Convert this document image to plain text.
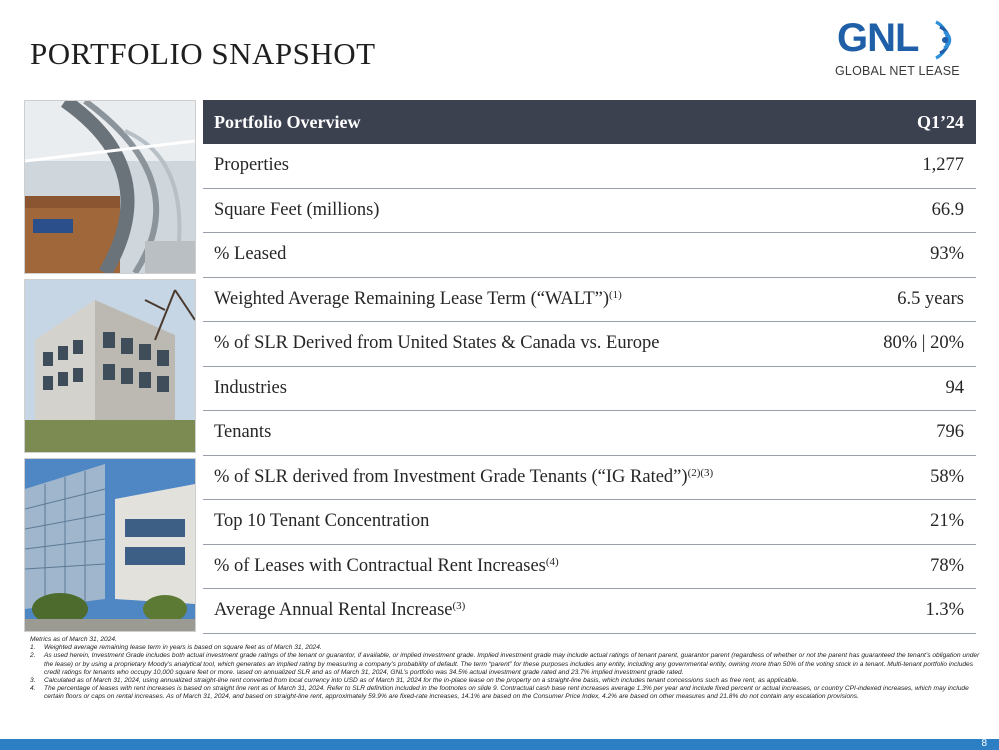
PORTFOLIO SNAPSHOT	GNL
GLOBAL NET LEASE
Portfolio Overview	Q1’24
Properties	1,277
Square Feet (millions)	66.9
% Leased	93%
Weighted Average Remaining Lease Term (“WALT”)$^{(1)}$	6.5 years
% of SLR Derived from United States & Canada vs. Europe	80% | 20%
Industries	94
Tenants	796
% of SLR derived from Investment Grade Tenants (“IG Rated”)$^{(2)(3)}$	58%
Top 10 Tenant Concentration	21%
% of Leases with Contractual Rent Increases$^{(4)}$	78%
Average Annual Rental Increase$^{(3)}$	1.3%
Metrics as of March 31, 2024.
1.	Weighted average remaining lease term in years is based on square feet as of March 31, 2024.
2.	As used herein, Investment Grade includes both actual investment grade ratings of the tenant or guarantor, if available, or implied investment grade. Implied investment grade may include actual ratings of tenant parent, guarantor parent (regardless of whether or not the parent has guaranteed the tenant’s obligation under the lease) or by using a proprietary Moody’s analytical tool, which generates an implied rating by measuring a company’s probability of default. The term “parent” for these purposes includes any entity, including any governmental entity, owning more than 50% of the voting stock in a tenant. Multi-tenant portfolio includes credit ratings for tenants who occupy 10,000 square feet or more. \ased on annualized SLR and as of March 31, 2024, GNL’s portfolio was 34.5% actual investment grade rated and 23.7% implied investment grade rated.
3.	Calculated as of March 31, 2024, using annualized straight-line rent converted from local currency into USD as of March 31, 2024 for the in-place lease on the property on a straight-line basis, which includes tenant concessions such as free rent, as applicable.
4.	The percentage of leases with rent increases is based on straight line rent as of March 31, 2024. Refer to SLR definition included in the footnotes on slide 9. Contractual cash base rent increases average 1.3% per year and include fixed percent or actual increases, or country CPI-indexed increases, which may include certain floors or caps on rental increases. As of March 31, 2024, and based on straight-line rent, approximately 59.9% are fixed-rate increases, 14.1% are based on the Consumer Price Index, 4.2% are based on other measures and 21.8% do not contain any escalation provisions.
8
